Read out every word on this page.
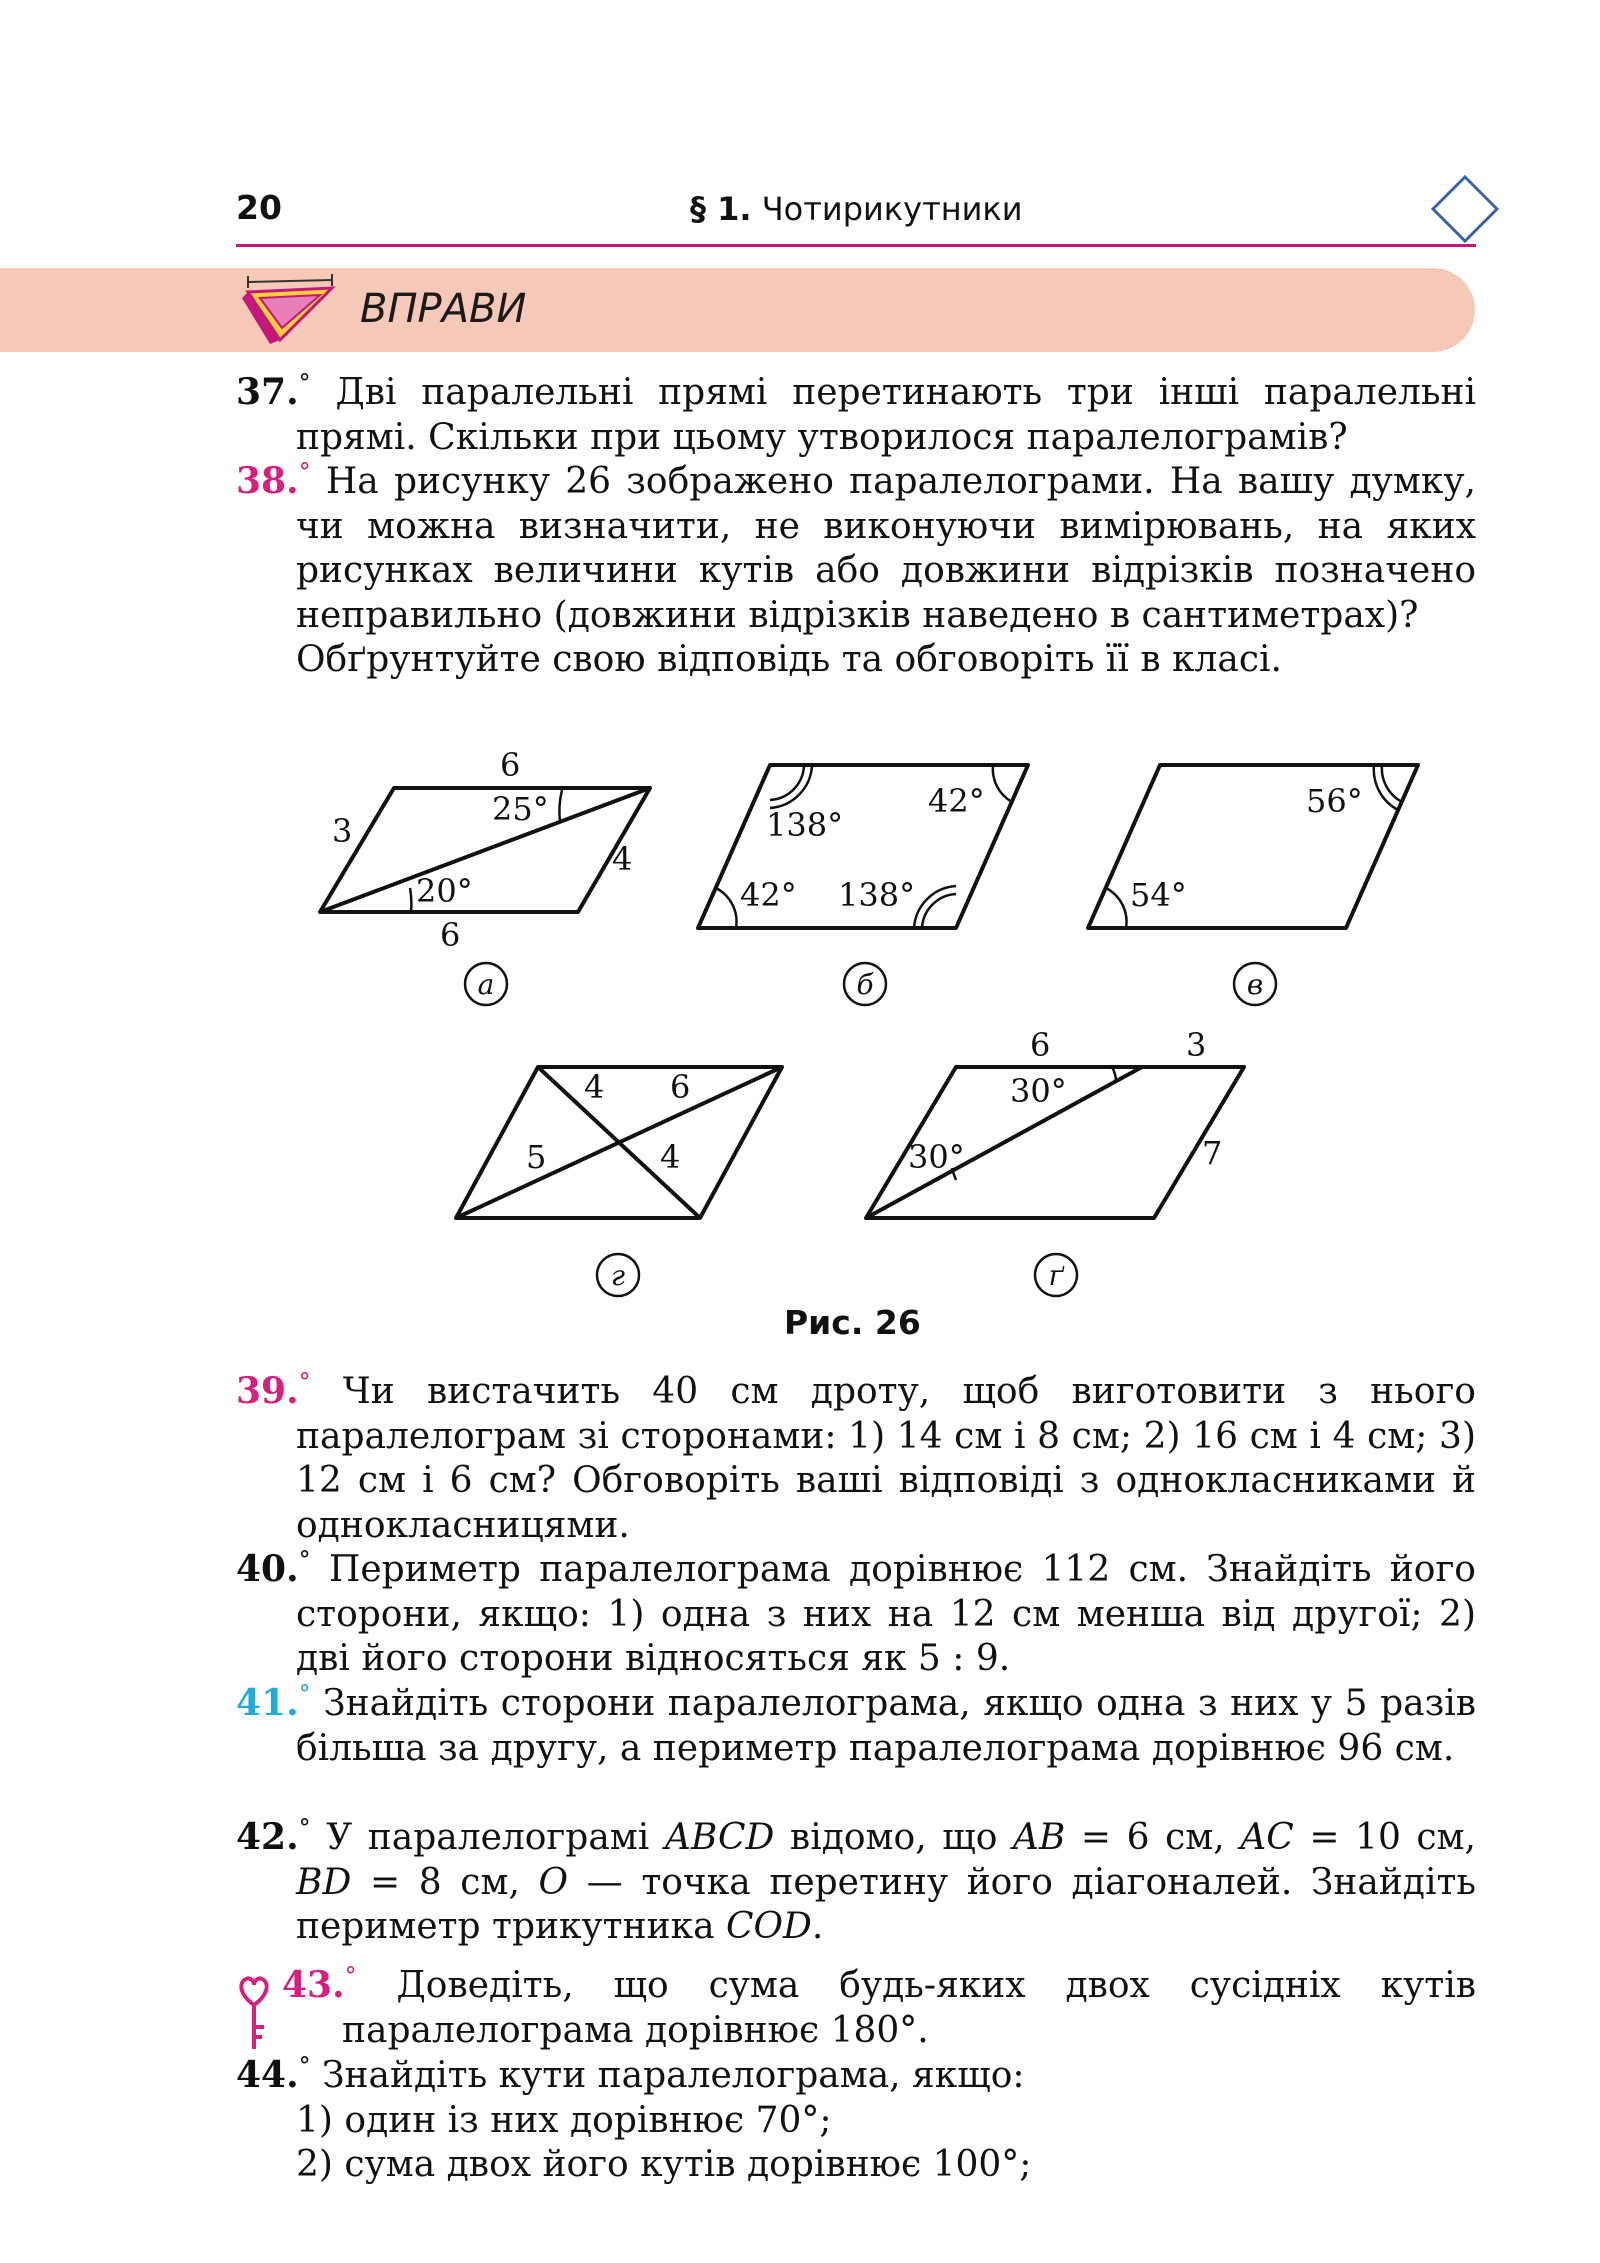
20	§ 1. Чотирикутники
ВПРАВИ

37.° Дві паралельні прямі перетинають три інші паралельні прямі. Скільки при цьому утворилося паралелограмів?

38.° На рисунку 26 зображено паралелограми. На вашу думку, чи можна визначити, не виконуючи вимірювань, на яких рисунках величини кутів або довжини відрізків позначено неправильно (довжини відрізків наведено в сантиметрах)?

Обґрунтуйте свою відповідь та обговоріть її в класі.

6
3
25°
4
20°
6
138°
42°
42° 138°
56°
54°
4 6
5	4
6	3
30°
30°	7
а	б	в
г	ґ
Рис. 26

39.° Чи вистачить 40 см дроту, щоб виготовити з нього паралелограм зі сторонами: 1) 14 см і 8 см; 2) 16 см і 4 см; 3) 12 см і 6 см? Обговоріть ваші відповіді з однокласниками й однокласницями.

40.° Периметр паралелограма дорівнює 112 см. Знайдіть його сторони, якщо: 1) одна з них на 12 см менша від другої; 2) дві його сторони відносяться як 5 : 9.

41.° Знайдіть сторони паралелограма, якщо одна з них у 5 разів більша за другу, а периметр паралелограма дорівнює 96 см.

42.° У паралелограмі ABCD відомо, що AB = 6 см, AC = 10 см, BD = 8 см, O — точка перетину його діагоналей. Знайдіть периметр трикутника COD.

43.° Доведіть, що сума будь-яких двох сусідніх кутів паралелограма дорівнює 180°.

44.° Знайдіть кути паралелограма, якщо:

1) один із них дорівнює 70°;

2) сума двох його кутів дорівнює 100°;
